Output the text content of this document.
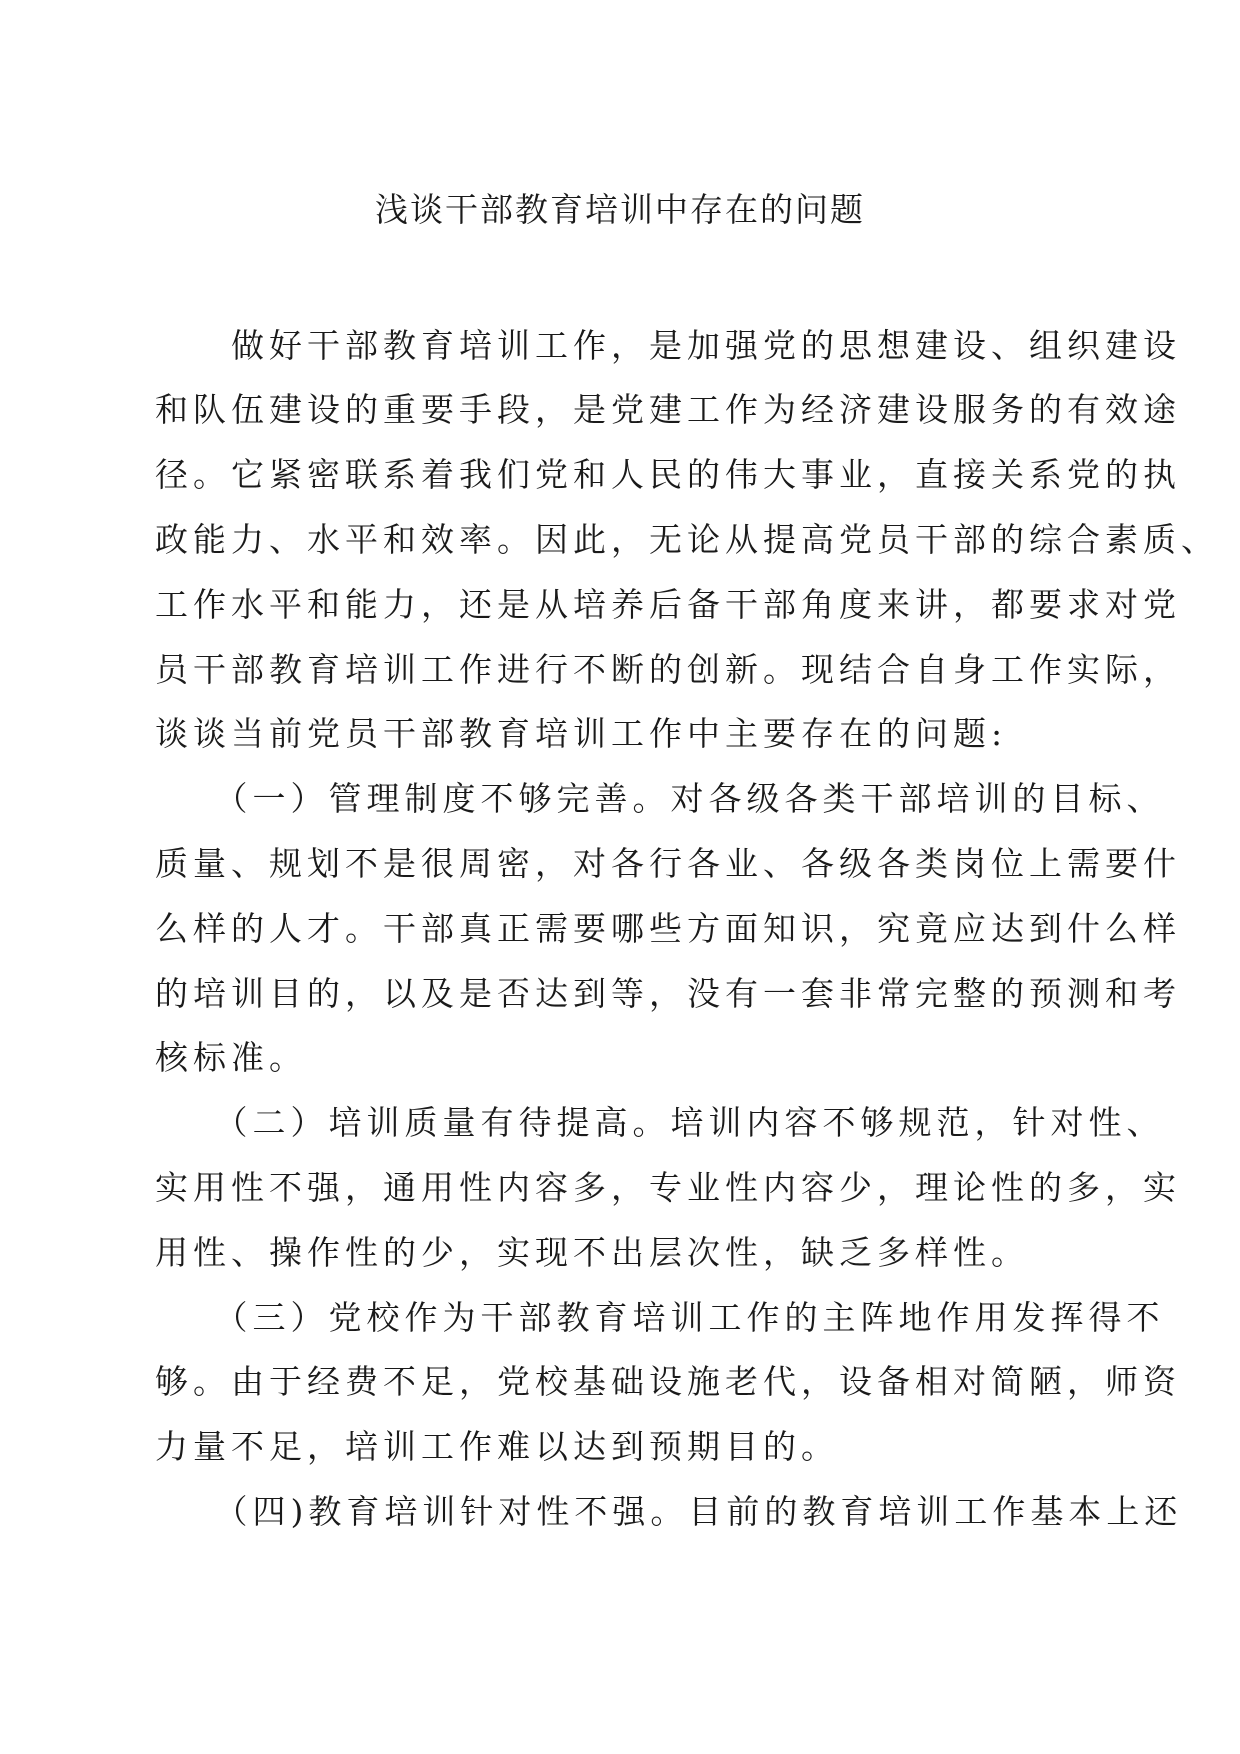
浅谈干部教育培训中存在的问题

　　做好干部教育培训工作，是加强党的思想建设、组织建设

和队伍建设的重要手段，是党建工作为经济建设服务的有效途

径。它紧密联系着我们党和人民的伟大事业，直接关系党的执

政能力、水平和效率。因此，无论从提高党员干部的综合素质、

工作水平和能力，还是从培养后备干部角度来讲，都要求对党

员干部教育培训工作进行不断的创新。现结合自身工作实际，

谈谈当前党员干部教育培训工作中主要存在的问题:

　　（一）管理制度不够完善。对各级各类干部培训的目标、

质量、规划不是很周密，对各行各业、各级各类岗位上需要什

么样的人才。干部真正需要哪些方面知识，究竟应达到什么样

的培训目的，以及是否达到等，没有一套非常完整的预测和考

核标准。

　　（二）培训质量有待提高。培训内容不够规范，针对性、

实用性不强，通用性内容多，专业性内容少，理论性的多，实

用性、操作性的少，实现不出层次性，缺乏多样性。

　　（三）党校作为干部教育培训工作的主阵地作用发挥得不

够。由于经费不足，党校基础设施老代，设备相对简陋，师资

力量不足，培训工作难以达到预期目的。

　　（四)教育培训针对性不强。目前的教育培训工作基本上还
